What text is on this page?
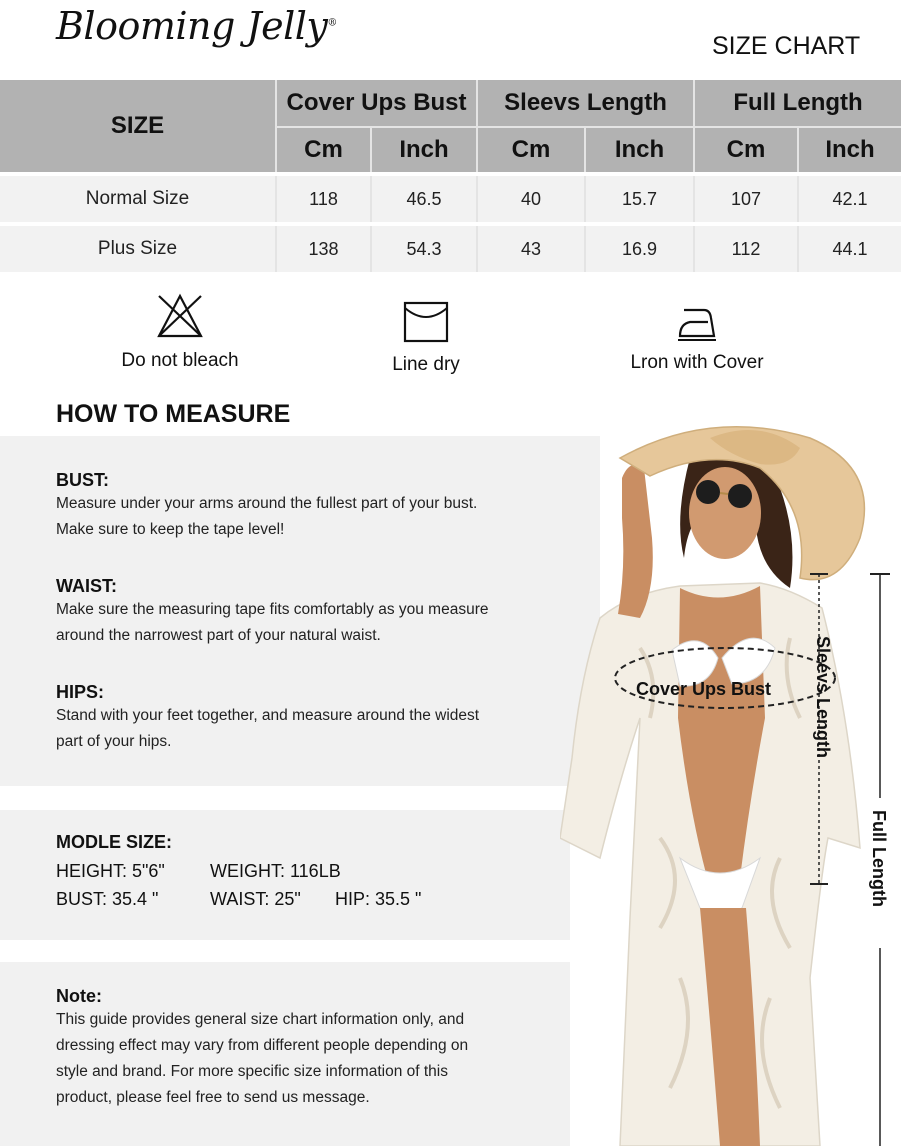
Blooming Jelly®
SIZE CHART
SIZE	Cover Ups Bust		Sleevs Length		Full Length	
	Cm	Inch	Cm	Inch	Cm	Inch

Normal Size	118	46.5	40	15.7	107	42.1

Plus Size	138	54.3	43	16.9	112	44.1
Do not bleach	Line dry	Lron with Cover
HOW TO MEASURE
BUST:
Measure under your arms around the fullest part of your bust.
Make sure to keep the tape level!
WAIST:
Make sure the measuring tape fits comfortably as you measure
around the narrowest part of your natural waist.
HIPS:
Stand with your feet together, and measure around the widest
part of your hips.
MODLE SIZE:
HEIGHT: 5"6"	WEIGHT: 116LB
BUST: 35.4 "	WAIST: 25" HIP: 35.5 "
Note:
This guide provides general size chart information only, and
dressing effect may vary from different people depending on
style and brand. For more specific size information of this
product, please feel free to send us message.
Cover Ups Bust Sleevs Length
Full Length
